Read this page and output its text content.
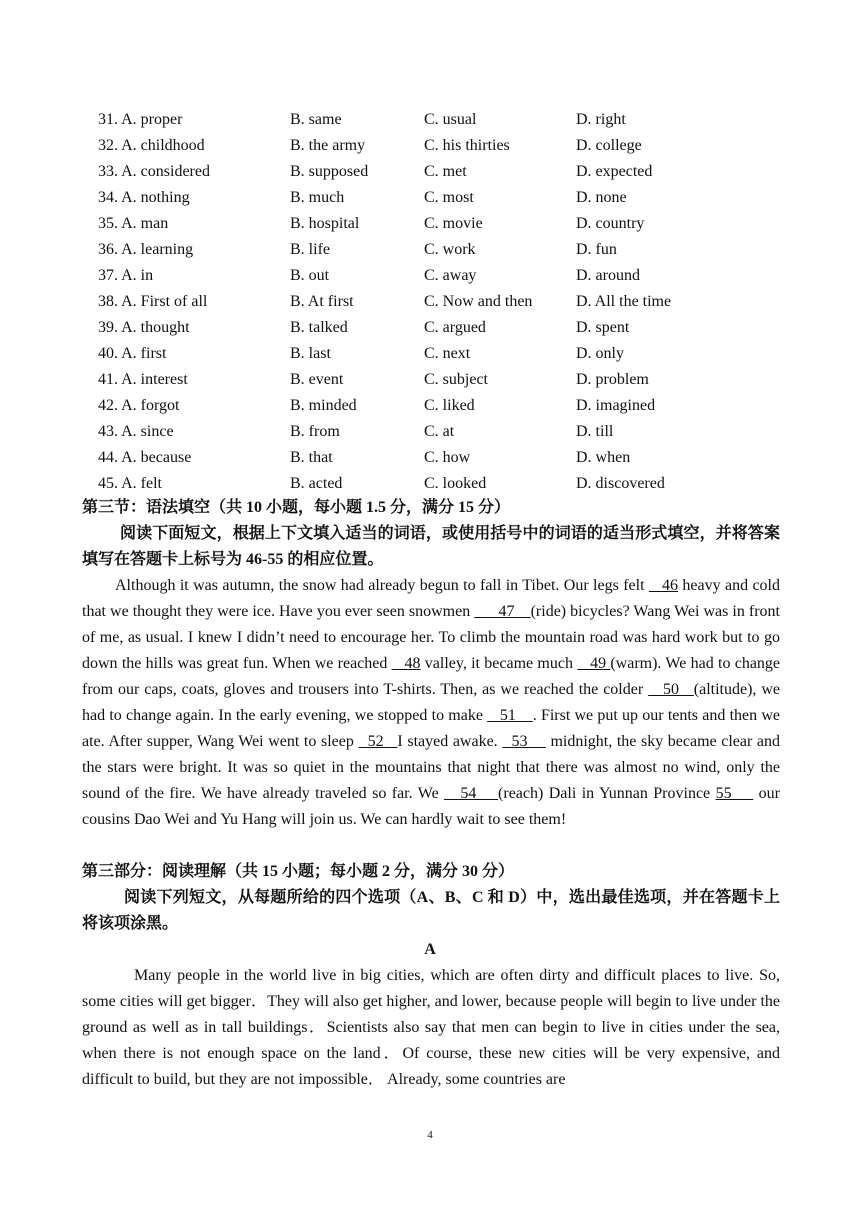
31. A. proper	B. same	C. usual	D. right
32. A. childhood	B. the army	C. his thirties	D. college
33. A. considered	B. supposed	C. met	D. expected
34. A. nothing	B. much	C. most	D. none
35. A. man	B. hospital	C. movie	D. country
36. A. learning	B. life	C. work	D. fun
37. A. in	B. out	C. away	D. around
38. A. First of all	B. At first	C. Now and then	D. All the time
39. A. thought	B. talked	C. argued	D. spent
40. A. first	B. last	C. next	D. only
41. A. interest	B. event	C. subject	D. problem
42. A. forgot	B. minded	C. liked	D. imagined
43. A. since	B. from	C. at	D. till
44. A. because	B. that	C. how	D. when
45. A. felt	B. acted	C. looked	D. discovered
第三节：语法填空（共 10 小题，每小题 1.5 分，满分 15 分）
阅读下面短文，根据上下文填入适当的词语，或使用括号中的词语的适当形式填空，并将答案填写在答题卡上标号为 46-55 的相应位置。
Although it was autumn, the snow had already begun to fall in Tibet. Our legs felt    46 heavy and cold that we thought they were ice. Have you ever seen snowmen       47    (ride) bicycles? Wang Wei was in front of me, as usual. I knew I didn’t need to encourage her. To climb the mountain road was hard work but to go down the hills was great fun. When we reached    48 valley, it became much    49 (warm). We had to change from our caps, coats, gloves and trousers into T-shirts. Then, as we reached the colder    50   (altitude), we had to change again. In the early evening, we stopped to make    51    . First we put up our tents and then we ate. After supper, Wang Wei went to sleep   52   I stayed awake.   53     midnight, the sky became clear and the stars were bright. It was so quiet in the mountains that night that there was almost no wind, only the sound of the fire. We have already traveled so far. We    54    (reach) Dali in Yunnan Province 55     our cousins Dao Wei and Yu Hang will join us. We can hardly wait to see them!
第三部分：阅读理解（共 15 小题；每小题 2 分，满分 30 分）
阅读下列短文，从每题所给的四个选项（A、B、C 和 D）中，选出最佳选项，并在答题卡上将该项涂黑。
A
Many people in the world live in big cities, which are often dirty and difficult places to live. So, some cities will get bigger．They will also get higher, and lower, because people will begin to live under the ground as well as in tall buildings．Scientists also say that men can begin to live in cities under the sea, when there is not enough space on the land．Of course, these new cities will be very expensive, and difficult to build, but they are not impossible． Already, some countries are
4
